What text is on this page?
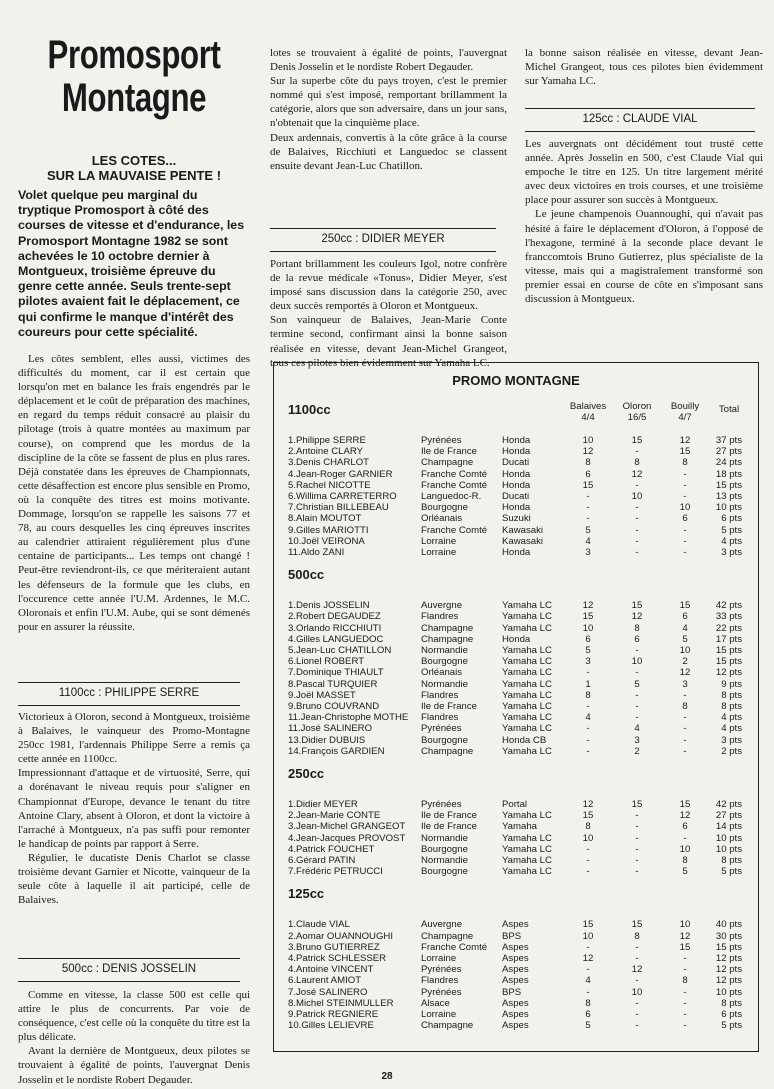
Promosport
Montagne
LES COTES...
SUR LA MAUVAISE PENTE !
Volet quelque peu marginal du tryptique Promosport à côté des courses de vitesse et d'endurance, les Promosport Montagne 1982 se sont achevées le 10 octobre dernier à Montgueux, troisième épreuve du genre cette année. Seuls trente-sept pilotes avaient fait le déplacement, ce qui confirme le manque d'intérêt des coureurs pour cette spécialité.

Les côtes semblent, elles aussi, victimes des difficultés du moment, car il est certain que lorsqu'on met en balance les frais engendrés par le déplacement et le coût de préparation des machines, en regard du temps réduit consacré au plaisir du pilotage (trois à quatre montées au maximum par course), on comprend que les mordus de la discipline de la côte se fassent de plus en plus rares. Déjà constatée dans les épreuves de Championnats, cette désaffection est encore plus sensible en Promo, où la conquête des titres est moins motivante. Dommage, lorsqu'on se rappelle les saisons 77 et 78, au cours desquelles les cinq épreuves inscrites au calendrier attiraient régulièrement plus d'une centaine de participants... Les temps ont changé ! Peut-être reviendront-ils, ce que mériteraient autant les défenseurs de la formule que les clubs, en l'occurence cette année l'U.M. Ardennes, le M.C. Oloronais et enfin l'U.M. Aube, qui se sont démenés pour en assurer la réussite.

1100cc : PHILIPPE SERRE

Victorieux à Oloron, second à Montgueux, troisième à Balaives, le vainqueur des Promo-Montagne 250cc 1981, l'ardennais Philippe Serre a remis ça cette année en 1100cc.

Impressionnant d'attaque et de virtuosité, Serre, qui a dorénavant le niveau requis pour s'aligner en Championnat d'Europe, devance le tenant du titre Antoine Clary, absent à Oloron, et dont la victoire à l'arraché à Montgueux, n'a pas suffi pour remonter le handicap de points par rapport à Serre.

Régulier, le ducatiste Denis Charlot se classe troisième devant Garnier et Nicotte, vainqueur de la seule côte à laquelle il ait participé, celle de Balaives.

500cc : DENIS JOSSELIN

Comme en vitesse, la classe 500 est celle qui attire le plus de concurrents. Par voie de conséquence, c'est celle où la conquête du titre est la plus délicate.

Avant la dernière de Montgueux, deux pilotes se trouvaient à égalité de points, l'auvergnat Denis Josselin et le nordiste Robert Degauder.

lotes se trouvaient à égalité de points, l'auvergnat Denis Josselin et le nordiste Robert Degauder.

Sur la superbe côte du pays troyen, c'est le premier nommé qui s'est imposé, remportant brillamment la catégorie, alors que son adversaire, dans un jour sans, n'obtenait que la cinquième place.

Deux ardennais, convertis à la côte grâce à la course de Balaives, Ricchiuti et Languedoc se classent ensuite devant Jean-Luc Chatillon.

250cc : DIDIER MEYER

Portant brillamment les couleurs Igol, notre confrère de la revue médicale «Tonus», Didier Meyer, s'est imposé sans discussion dans la catégorie 250, avec deux succès remportés à Oloron et Montgueux.

Son vainqueur de Balaives, Jean-Marie Conte termine second, confirmant ainsi la bonne saison réalisée en vitesse, devant Jean-Michel Grangeot, tous ces pilotes bien évidemment sur Yamaha LC.

la bonne saison réalisée en vitesse, devant Jean-Michel Grangeot, tous ces pilotes bien évidemment sur Yamaha LC.

125cc : CLAUDE VIAL

Les auvergnats ont décidément tout trusté cette année. Après Josselin en 500, c'est Claude Vial qui empoche le titre en 125. Un titre largement mérité avec deux victoires en trois courses, et une troisième place pour assurer son succès à Montgueux.

Le jeune champenois Ouannoughi, qui n'avait pas hésité à faire le déplacement d'Oloron, à l'opposé de l'hexagone, terminé à la seconde place devant le franccomtois Bruno Gutierrez, plus spécialiste de la vitesse, mais qui a magistralement transformé son premier essai en course de côte en s'imposant sans discussion à Montgueux.

PROMO MONTAGNE
Balaives
4/4
Oloron
16/5
Bouilly
4/7
Total
1100cc
1.Philippe SERRE	Pyrénées	Honda	10	15	12	37 pts
2.Antoine CLARY	Ile de France	Honda	12	-	15	27 pts
3.Denis CHARLOT	Champagne	Ducati	8	8	8	24 pts
4.Jean-Roger GARNIER	Franche Comté Honda	6	12	-	18 pts
5.Rachel NICOTTE	Franche Comté Honda	15	-	-	15 pts
6.Willima CARRETERRO	Languedoc-R. Ducati	-	10	-	13 pts
7.Christian BILLEBEAU	Bourgogne	Honda	-	-	10	10 pts
8.Alain MOUTOT	Orléanais	Suzuki	-	-	6	6 pts
9.Gilles MARIOTTI	Franche Comté Kawasaki	5	-	-	5 pts
10.Joël VEIRONA	Lorraine	Kawasaki	4	-	-	4 pts
11.Aldo ZANI	Lorraine	Honda	3	-	-	3 pts
500cc
1.Denis JOSSELIN	Auvergne	Yamaha LC	12	15	15	42 pts
2.Robert DEGAUDEZ	Flandres	Yamaha LC	15	12	6	33 pts
3.Orlando RICCHIUTI	Champagne	Yamaha LC	10	8	4	22 pts
4.Gilles LANGUEDOC	Champagne	Honda	6	6	5	17 pts
5.Jean-Luc CHATILLON	Normandie	Yamaha LC	5	-	10	15 pts
6.Lionel ROBERT	Bourgogne	Yamaha LC	3	10	2	15 pts
7.Dominique THIAULT	Orléanais	Yamaha LC	-	-	12	12 pts
8.Pascal TURQUIER	Normandie	Yamaha LC	1	5	3	9 pts
9.Joël MASSET	Flandres	Yamaha LC	8	-	-	8 pts
9.Bruno COUVRAND	Ile de France	Yamaha LC	-	-	8	8 pts
11.Jean-Christophe MOTHE Flandres	Yamaha LC	4	-	-	4 pts
11.José SALINERO	Pyrénées	Yamaha LC	-	4	-	4 pts
13.Didier DUBUIS	Bourgogne	Honda CB	-	3	-	3 pts
14.François GARDIEN	Champagne	Yamaha LC	-	2	-	2 pts
250cc
1.Didier MEYER	Pyrénées	Portal	12	15	15	42 pts
2.Jean-Marie CONTE	Ile de France	Yamaha LC	15	-	12	27 pts
3.Jean-Michel GRANGEOT Ile de France	Yamaha	8	-	6	14 pts
4.Jean-Jacques PROVOST Normandie	Yamaha LC	10	-	-	10 pts
4.Patrick FOUCHET	Bourgogne	Yamaha LC	-	-	10	10 pts
6.Gérard PATIN	Normandie	Yamaha LC	-	-	8	8 pts
7.Frédéric PETRUCCI	Bourgogne	Yamaha LC	-	-	5	5 pts
125cc
1.Claude VIAL	Auvergne	Aspes	15	15	10	40 pts
2.Aomar OUANNOUGHI	Champagne	BPS	10	8	12	30 pts
3.Bruno GUTIERREZ	Franche Comté Aspes	-	-	15	15 pts
4.Patrick SCHLESSER	Lorraine	Aspes	12	-	-	12 pts
4.Antoine VINCENT	Pyrénées	Aspes	-	12	-	12 pts
6.Laurent AMIOT	Flandres	Aspes	4	-	8	12 pts
7.José SALINERO	Pyrénées	BPS	-	10	-	10 pts
8.Michel STEINMULLER	Alsace	Aspes	8	-	-	8 pts
9.Patrick REGNIERE	Lorraine	Aspes	6	-	-	6 pts
10.Gilles LELIEVRE	Champagne	Aspes	5	-	-	5 pts
28
